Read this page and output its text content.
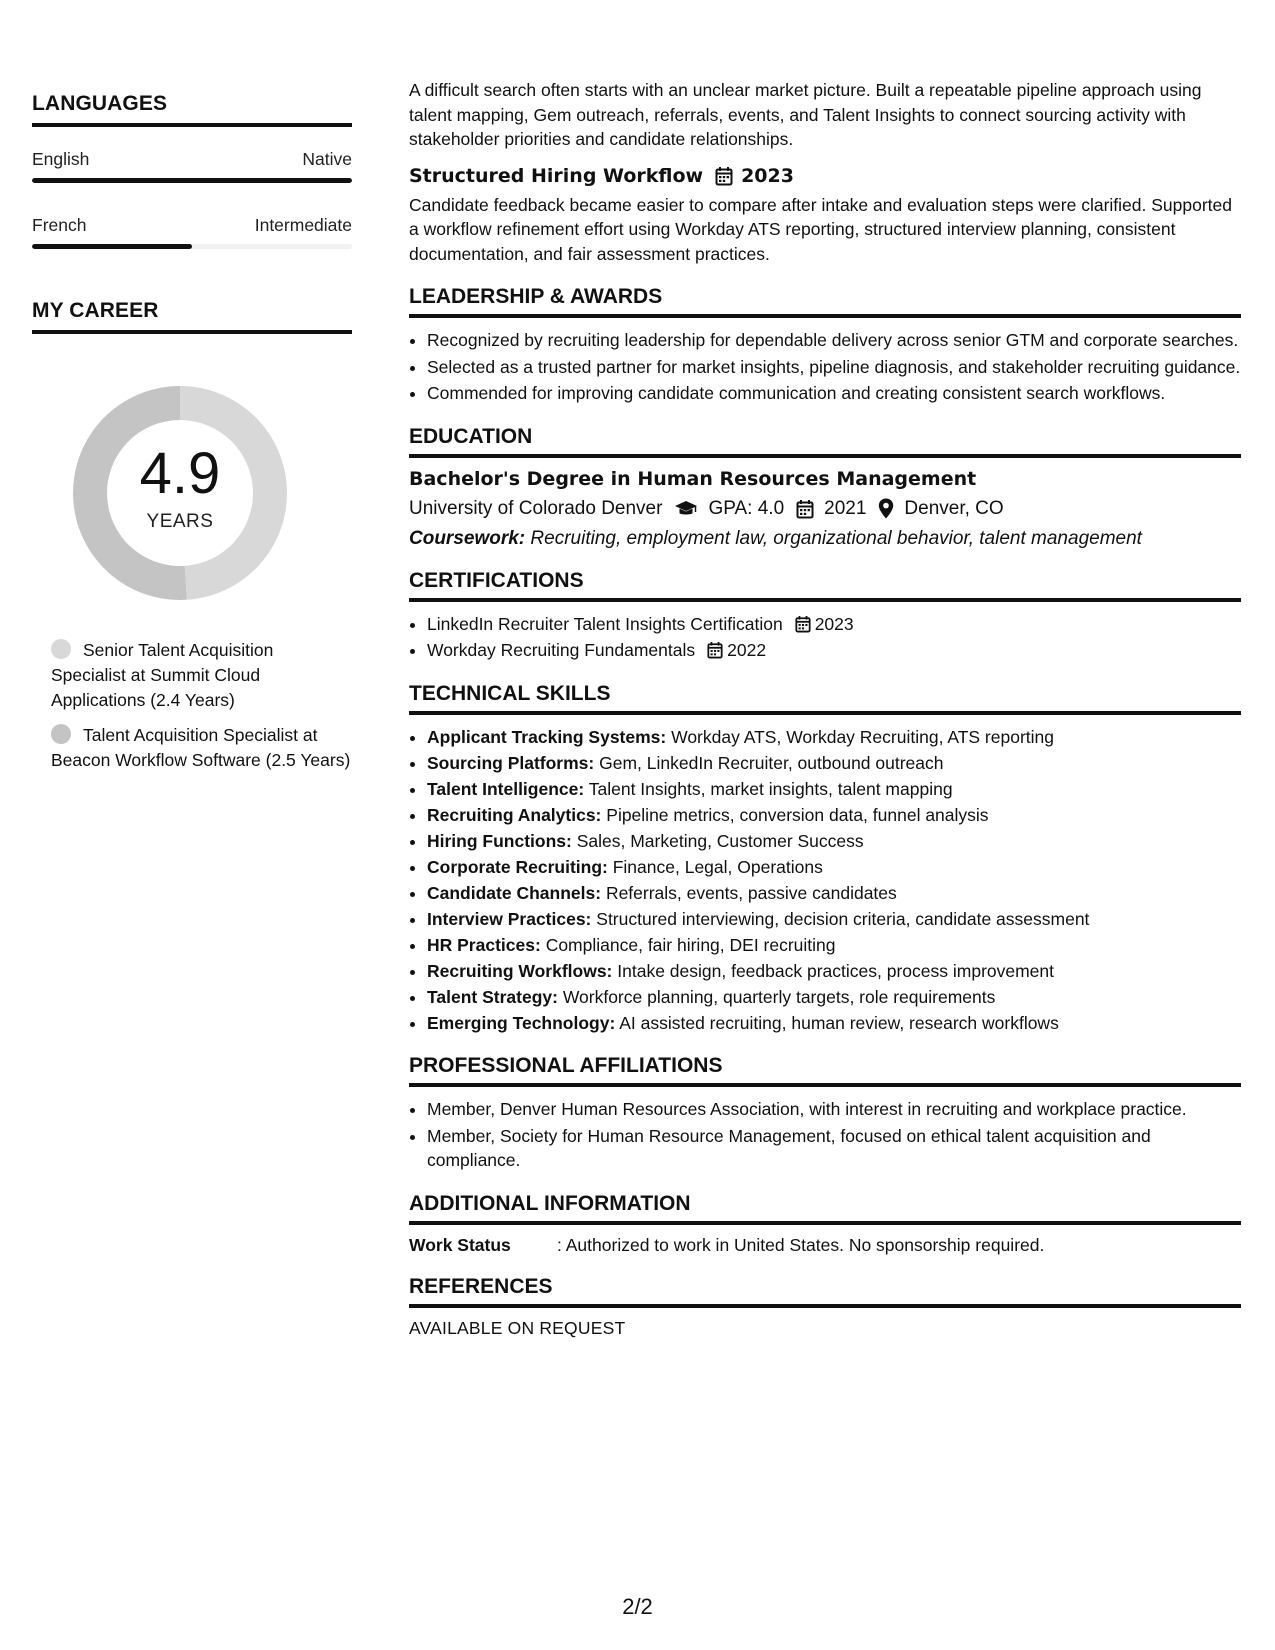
LANGUAGES
English	Native
French	Intermediate
MY CAREER
4.9
YEARS
Senior Talent Acquisition Specialist at Summit Cloud Applications (2.4 Years)
Talent Acquisition Specialist at Beacon Workflow Software (2.5 Years)

A difficult search often starts with an unclear market picture. Built a repeatable pipeline approach using talent mapping, Gem outreach, referrals, events, and Talent Insights to connect sourcing activity with stakeholder priorities and candidate relationships.

Structured Hiring Workflow 2023

Candidate feedback became easier to compare after intake and evaluation steps were clarified. Supported a workflow refinement effort using Workday ATS reporting, structured interview planning, consistent documentation, and fair assessment practices.

LEADERSHIP & AWARDS
• Recognized by recruiting leadership for dependable delivery across senior GTM and corporate searches.
• Selected as a trusted partner for market insights, pipeline diagnosis, and stakeholder recruiting guidance.
• Commended for improving candidate communication and creating consistent search workflows.
EDUCATION
Bachelor's Degree in Human Resources Management
University of Colorado Denver GPA: 4.0 2021 Denver, CO
Coursework: Recruiting, employment law, organizational behavior, talent management
CERTIFICATIONS
• LinkedIn Recruiter Talent Insights Certification 2023
• Workday Recruiting Fundamentals 2022
TECHNICAL SKILLS
• Applicant Tracking Systems: Workday ATS, Workday Recruiting, ATS reporting
• Sourcing Platforms: Gem, LinkedIn Recruiter, outbound outreach
• Talent Intelligence: Talent Insights, market insights, talent mapping
• Recruiting Analytics: Pipeline metrics, conversion data, funnel analysis
• Hiring Functions: Sales, Marketing, Customer Success
• Corporate Recruiting: Finance, Legal, Operations
• Candidate Channels: Referrals, events, passive candidates
• Interview Practices: Structured interviewing, decision criteria, candidate assessment
• HR Practices: Compliance, fair hiring, DEI recruiting
• Recruiting Workflows: Intake design, feedback practices, process improvement
• Talent Strategy: Workforce planning, quarterly targets, role requirements
• Emerging Technology: AI assisted recruiting, human review, research workflows
PROFESSIONAL AFFILIATIONS
• Member, Denver Human Resources Association, with interest in recruiting and workplace practice.
• Member, Society for Human Resource Management, focused on ethical talent acquisition and compliance.
ADDITIONAL INFORMATION
Work Status	: Authorized to work in United States. No sponsorship required.
REFERENCES
AVAILABLE ON REQUEST
2/2
